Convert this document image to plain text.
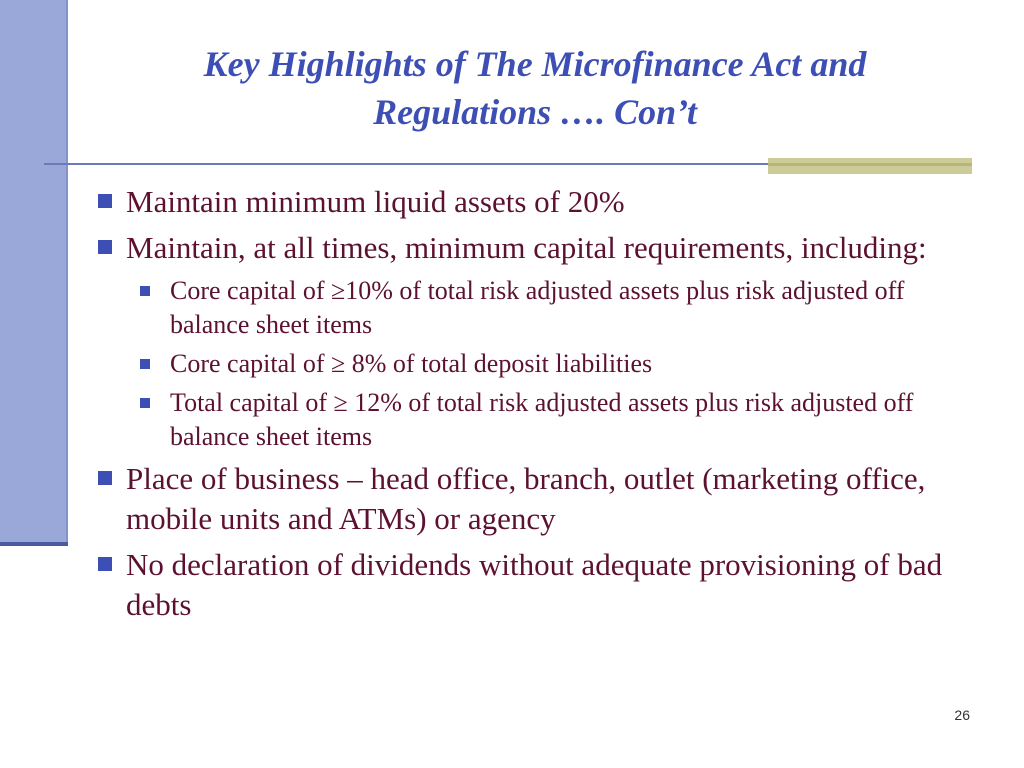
Key Highlights of The Microfinance Act and
Regulations …. Con’t
Maintain minimum liquid assets of 20%
Maintain, at all times, minimum capital requirements, including:
Core capital of ≥10% of total risk adjusted assets plus risk adjusted off balance sheet items
Core capital of ≥ 8% of total deposit liabilities
Total capital of ≥ 12% of total risk adjusted assets plus risk adjusted off balance sheet items
Place of business – head office, branch, outlet (marketing office, mobile units and ATMs) or agency
No declaration of dividends without adequate provisioning of bad debts
26
